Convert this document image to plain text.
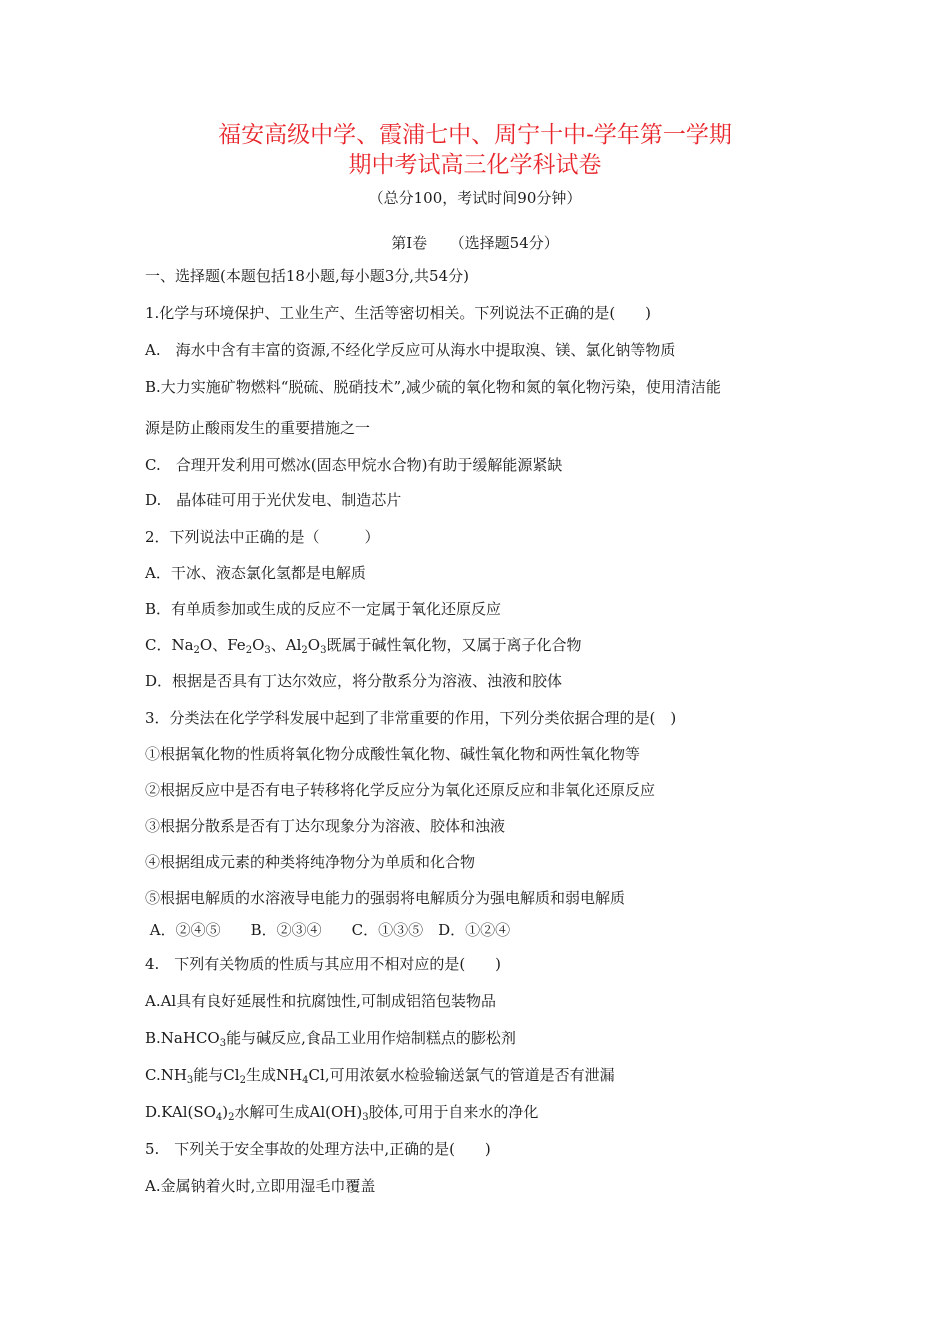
福安高级中学、霞浦七中、周宁十中-学年第一学期
期中考试高三化学科试卷
（总分100，考试时间90分钟）
第Ⅰ卷　　（选择题54分）
一、选择题(本题包括18小题,每小题3分,共54分)
1.化学与环境保护、工业生产、生活等密切相关。下列说法不正确的是(　　)
A.　海水中含有丰富的资源,不经化学反应可从海水中提取溴、镁、氯化钠等物质
B.大力实施矿物燃料“脱硫、脱硝技术”,减少硫的氧化物和氮的氧化物污染，使用清洁能
源是防止酸雨发生的重要措施之一
C.　合理开发利用可燃冰(固态甲烷水合物)有助于缓解能源紧缺
D.　晶体硅可用于光伏发电、制造芯片
2．下列说法中正确的是（　　　）
A．干冰、液态氯化氢都是电解质
B．有单质参加或生成的反应不一定属于氧化还原反应
C．$Na_2O$、$Fe_2O_3$、$Al_2O_3$既属于碱性氧化物，又属于离子化合物
D．根据是否具有丁达尔效应，将分散系分为溶液、浊液和胶体
3．分类法在化学学科发展中起到了非常重要的作用，下列分类依据合理的是(　)
①根据氧化物的性质将氧化物分成酸性氧化物、碱性氧化物和两性氧化物等
②根据反应中是否有电子转移将化学反应分为氧化还原反应和非氧化还原反应
③根据分散系是否有丁达尔现象分为溶液、胶体和浊液
④根据组成元素的种类将纯净物分为单质和化合物
⑤根据电解质的水溶液导电能力的强弱将电解质分为强电解质和弱电解质
A．②④⑤　　B．②③④　　C．①③⑤　D．①②④
4.　下列有关物质的性质与其应用不相对应的是(　　)
A.Al具有良好延展性和抗腐蚀性,可制成铝箔包装物品
B.NaHCO$_3$能与碱反应,食品工业用作焙制糕点的膨松剂
$C.NH_3$能与$Cl_2$生成$NH_4Cl$,可用浓氨水检验输送氯气的管道是否有泄漏
$D.KAl(SO_4)_2$水解可生成$Al(OH)_3$胶体,可用于自来水的净化
5.　下列关于安全事故的处理方法中,正确的是(　　)
A.金属钠着火时,立即用湿毛巾覆盖
